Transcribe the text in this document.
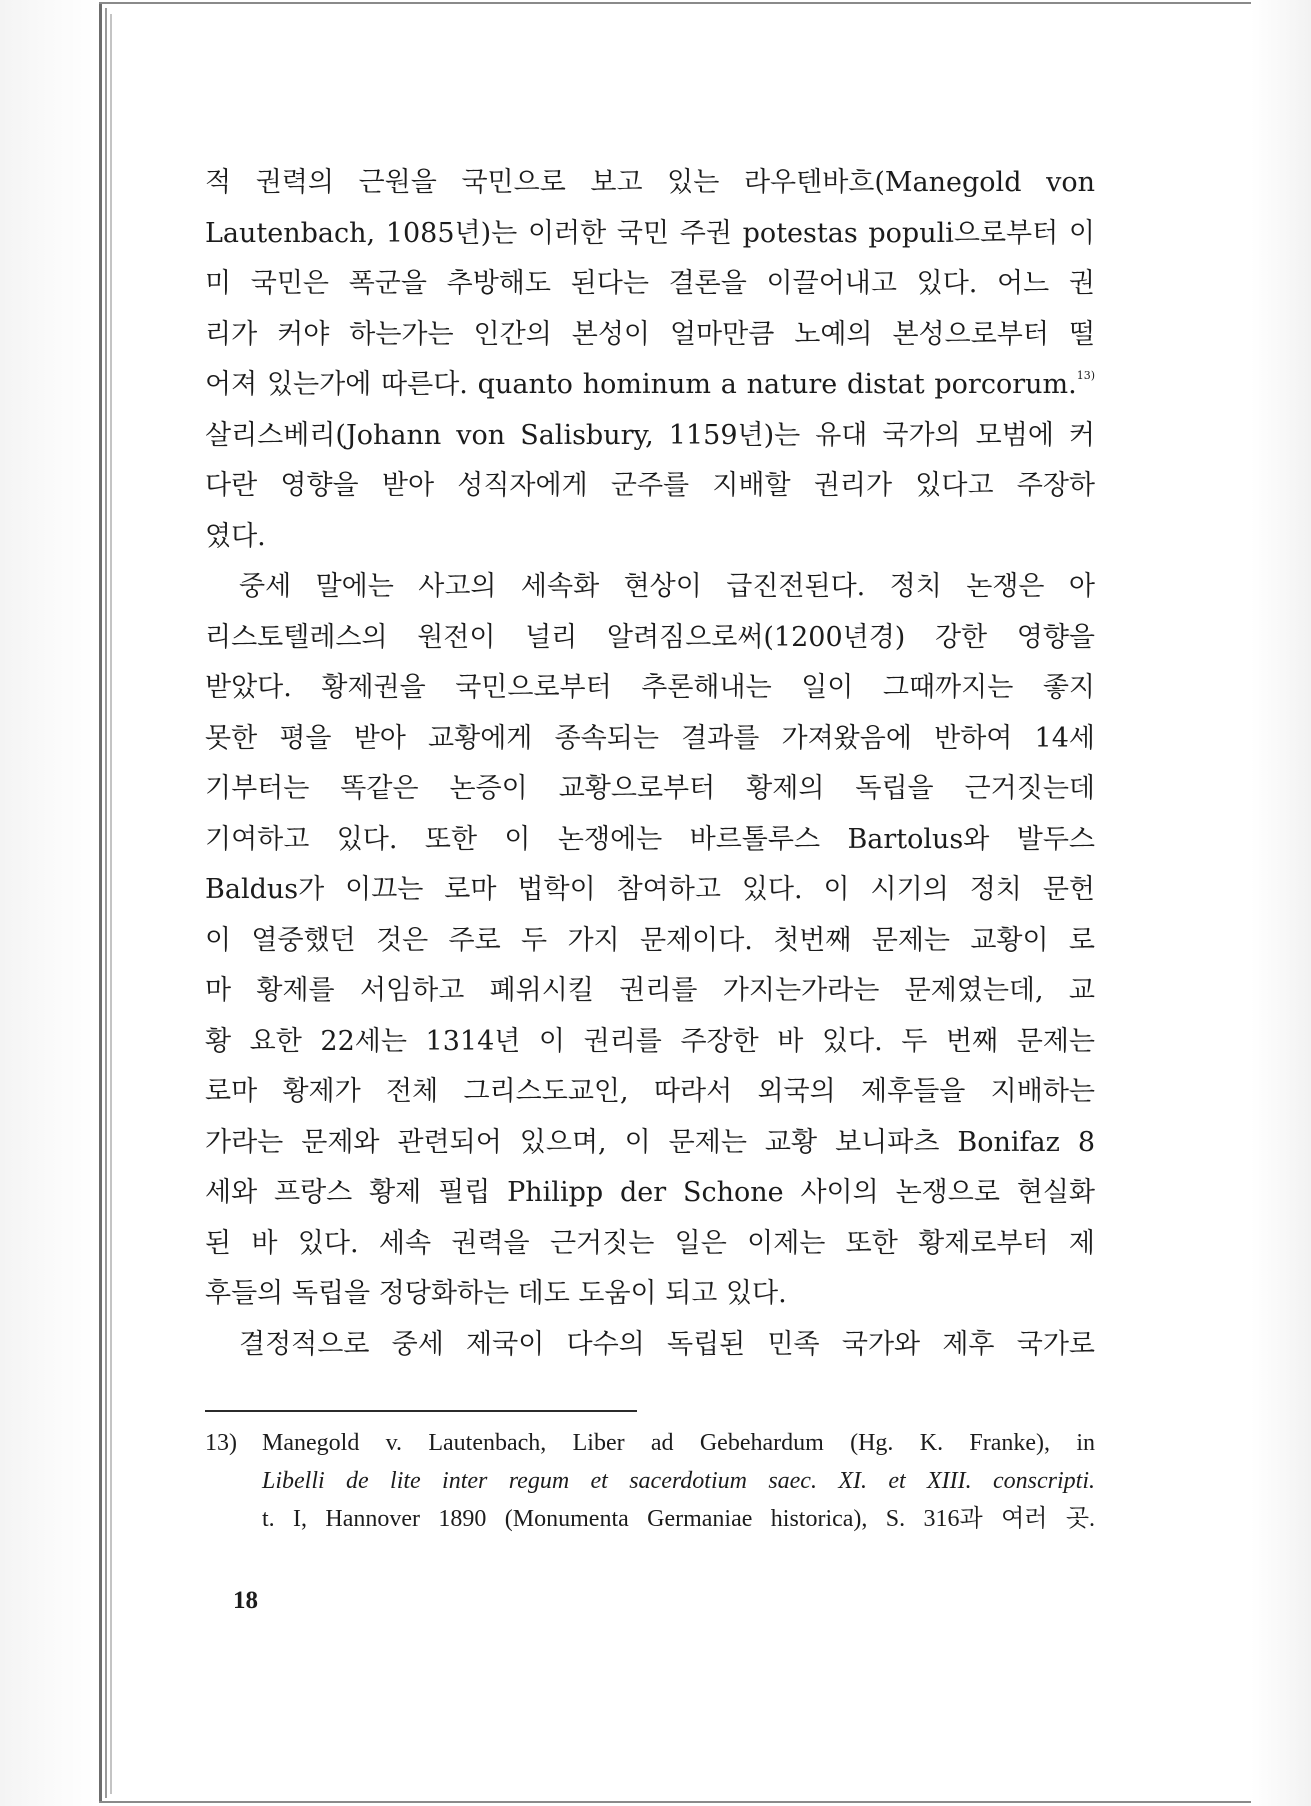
적 권력의 근원을 국민으로 보고 있는 라우텐바흐(Manegold von
Lautenbach, 1085년)는 이러한 국민 주권 potestas populi으로부터 이
미 국민은 폭군을 추방해도 된다는 결론을 이끌어내고 있다. 어느 권
리가 커야 하는가는 인간의 본성이 얼마만큼 노예의 본성으로부터 떨
어져 있는가에 따른다. quanto hominum a nature distat porcorum.$^{13)}$
살리스베리(Johann von Salisbury, 1159년)는 유대 국가의 모범에 커
다란 영향을 받아 성직자에게 군주를 지배할 권리가 있다고 주장하
였다.
중세 말에는 사고의 세속화 현상이 급진전된다. 정치 논쟁은 아
리스토텔레스의 원전이 널리 알려짐으로써(1200년경) 강한 영향을
받았다. 황제권을 국민으로부터 추론해내는 일이 그때까지는 좋지
못한 평을 받아 교황에게 종속되는 결과를 가져왔음에 반하여 14세
기부터는 똑같은 논증이 교황으로부터 황제의 독립을 근거짓는데
기여하고 있다. 또한 이 논쟁에는 바르톨루스 Bartolus와 발두스
Baldus가 이끄는 로마 법학이 참여하고 있다. 이 시기의 정치 문헌
이 열중했던 것은 주로 두 가지 문제이다. 첫번째 문제는 교황이 로
마 황제를 서임하고 폐위시킬 권리를 가지는가라는 문제였는데, 교
황 요한 22세는 1314년 이 권리를 주장한 바 있다. 두 번째 문제는
로마 황제가 전체 그리스도교인, 따라서 외국의 제후들을 지배하는
가라는 문제와 관련되어 있으며, 이 문제는 교황 보니파츠 Bonifaz 8
세와 프랑스 황제 필립 Philipp der Schone 사이의 논쟁으로 현실화
된 바 있다. 세속 권력을 근거짓는 일은 이제는 또한 황제로부터 제
후들의 독립을 정당화하는 데도 도움이 되고 있다.
결정적으로 중세 제국이 다수의 독립된 민족 국가와 제후 국가로
13) Manegold v. Lautenbach, Liber ad Gebehardum (Hg. K. Franke), in
Libelli de lite inter regum et sacerdotium saec. XI. et XIII. conscripti.
t. I, Hannover 1890 (Monumenta Germaniae historica), S. 316과 여러 곳.
18
